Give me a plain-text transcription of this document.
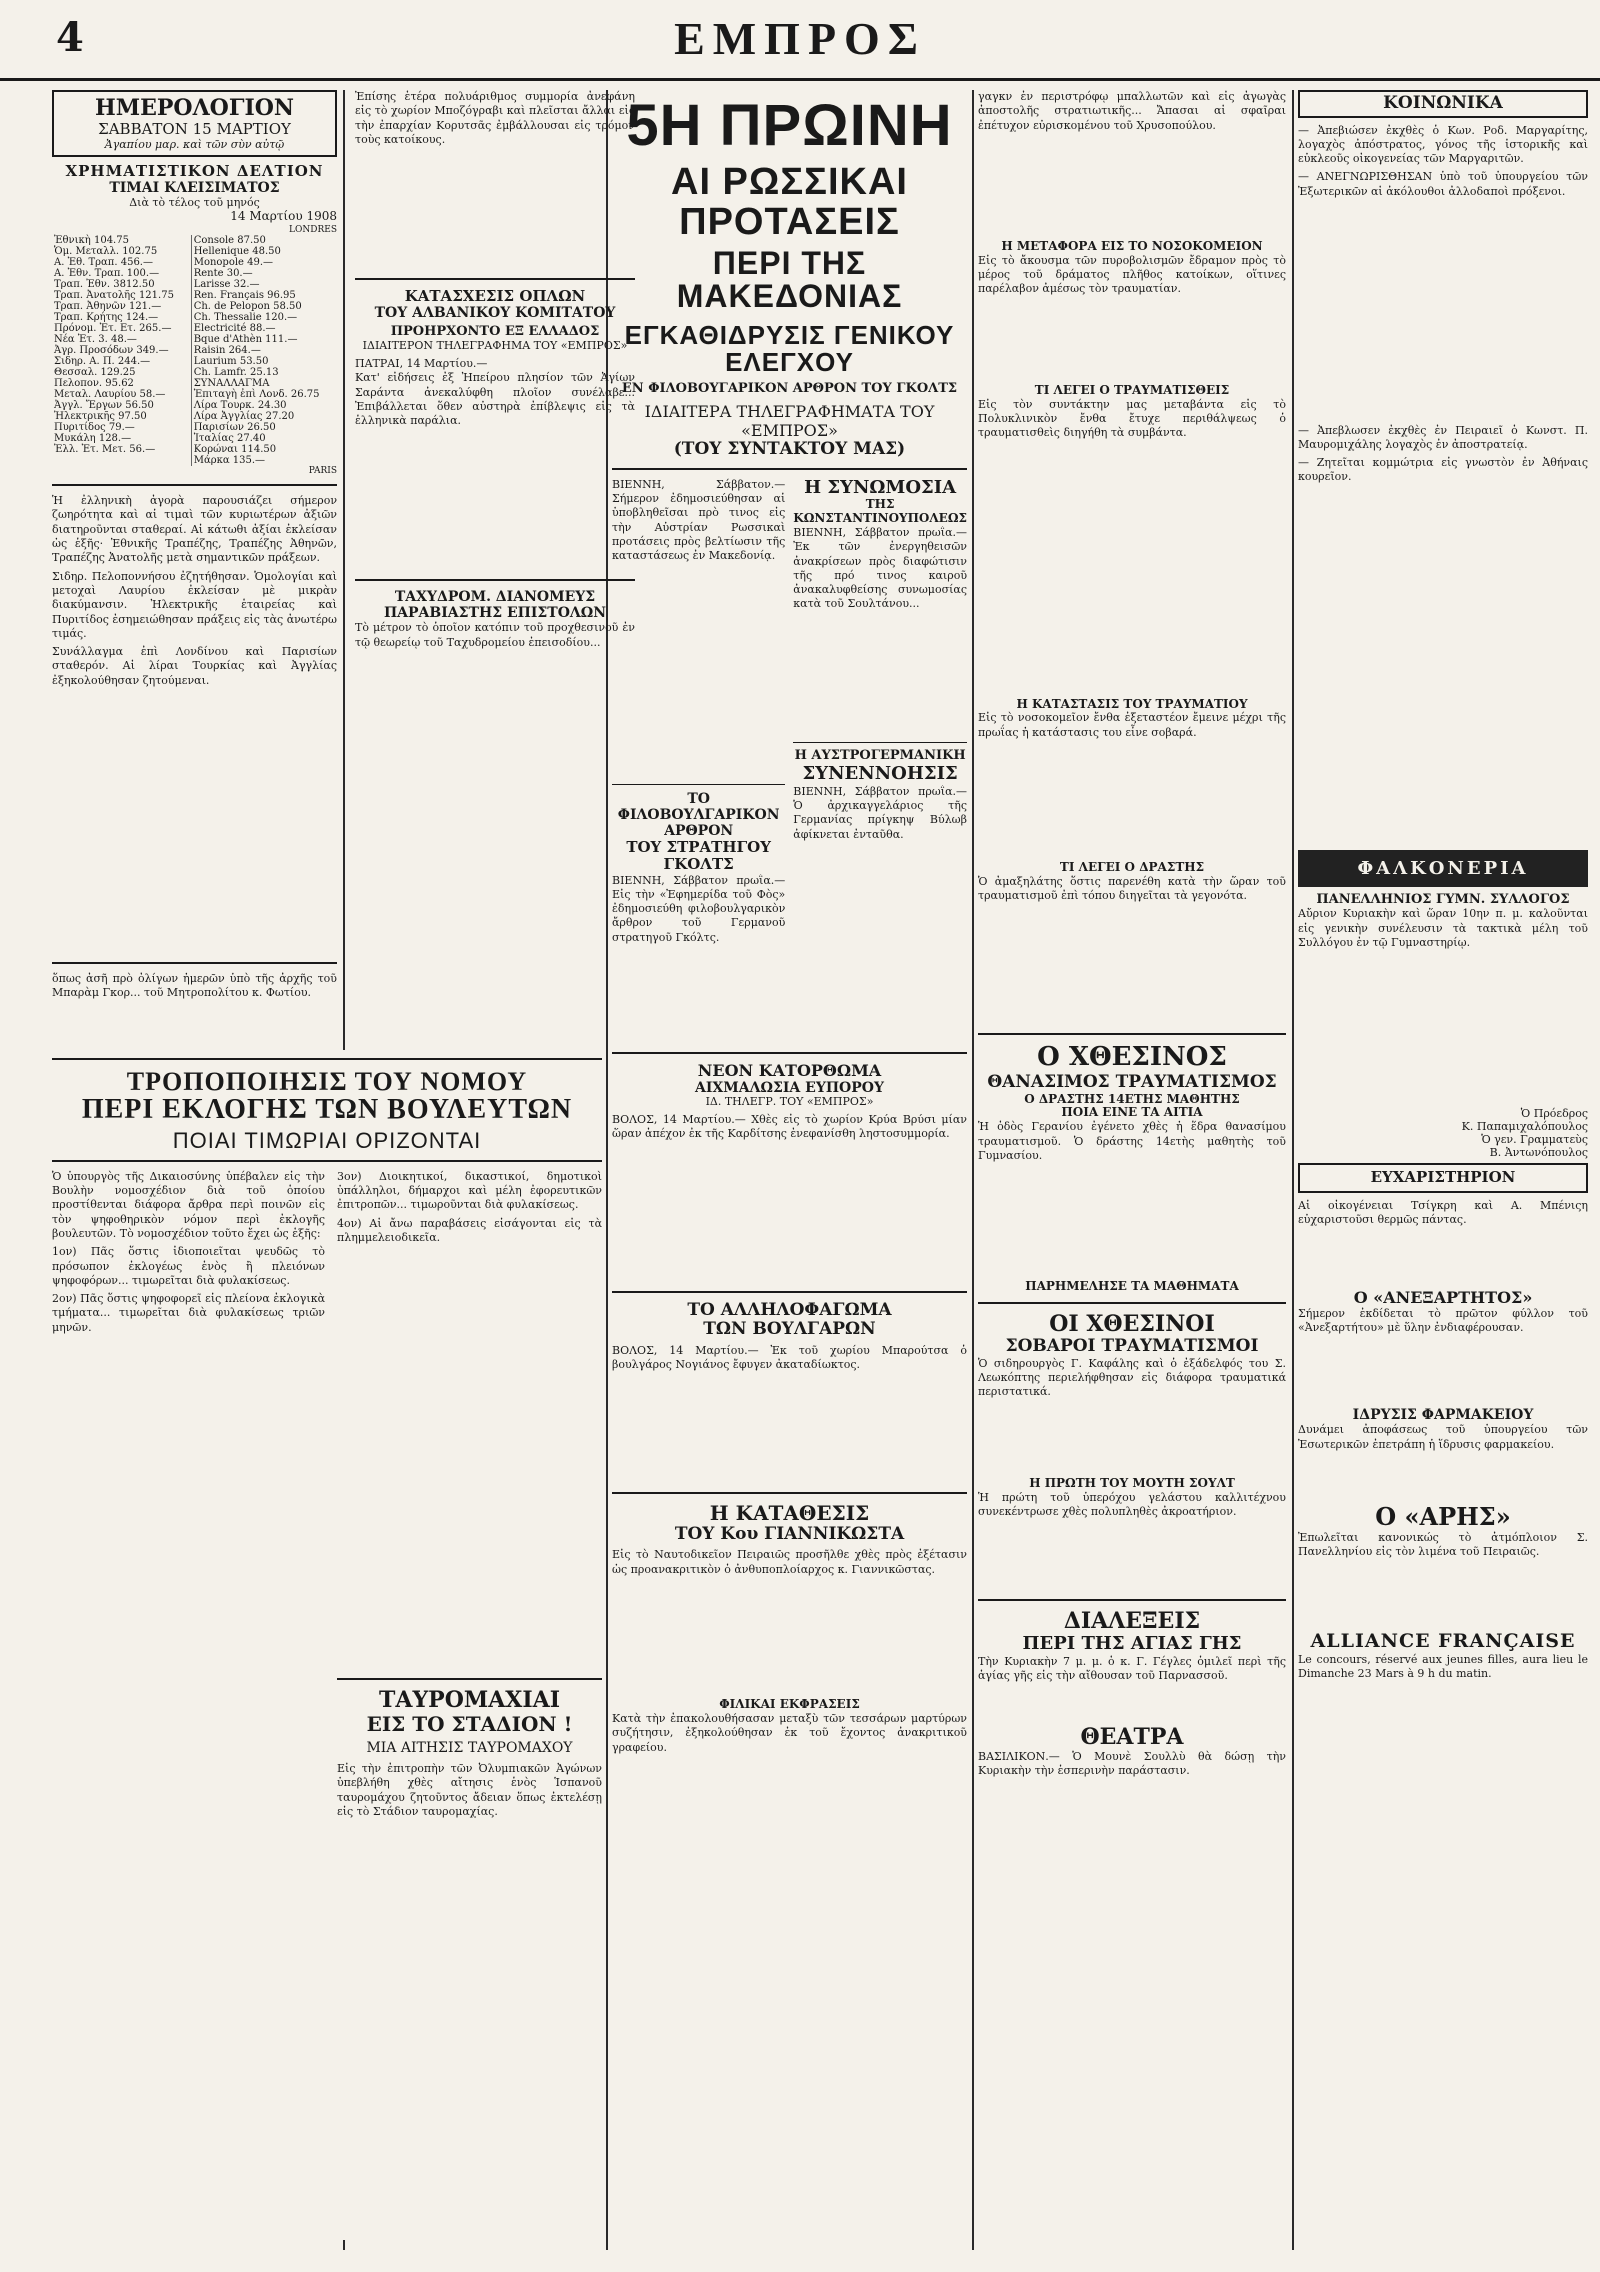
4	ΕΜΠΡΟΣ
ΗΜΕΡΟΛΟΓΙΟΝ
ΣΑΒΒΑΤΟΝ 15 ΜΑΡΤΙΟΥ
Ἀγαπίου μαρ. καὶ τῶν σὺν αὐτῷ
ΧΡΗΜΑΤΙΣΤΙΚΟΝ ΔΕΛΤΙΟΝ
ΤΙΜΑΙ ΚΛΕΙΣΙΜΑΤΟΣ
Διὰ τὸ τέλος τοῦ μηνός
14 Μαρτίου 1908
LONDRES
Ἐθνικὴ 104.75	Console 87.50
Ὁμ. Μεταλλ. 102.75	Hellenique 48.50
Α. Ἐθ. Τραπ. 456.—	Monopole 49.—
Α. Ἐθν. Τραπ. 100.—	Rente 30.—
Τραπ. Ἐθν. 3812.50	Larisse 32.—
Τραπ. Ἀνατολῆς 121.75	Ren. Français 96.95
Τραπ. Ἀθηνῶν 121.—	Ch. de Pelopon 58.50
Τραπ. Κρήτης 124.—	Ch. Thessalie 120.—
Πρόνομ. Ἐτ. Ετ. 265.—	Electricité 88.—
Νέα Ἐτ. 3. 48.—	Bque d'Athèn 111.—
Ἀγρ. Προσόδων 349.—	Raisin 264.—
Σιδηρ. Α. Π. 244.—	Laurium 53.50
Θεσσαλ. 129.25	Ch. Lamfr. 25.13
Πελοπον. 95.62	ΣΥΝΑΛΛΑΓΜΑ
Μεταλ. Λαυρίου 58.—	Ἐπιταγὴ ἐπὶ Λονδ. 26.75
Ἀγγλ. Ἔργων 56.50	Λίρα Τουρκ. 24.30
Ἠλεκτρικῆς 97.50	Λίρα Ἀγγλίας 27.20
Πυριτίδος 79.—	Παρισίων 26.50
Μυκάλη 128.—	Ἰταλίας 27.40
Ἐλλ. Ἐτ. Μετ. 56.—	Κορώναι 114.50
	Μάρκα 135.—
PARIS

Ἡ ἐλληνικὴ ἀγορὰ παρουσιάζει σήμερον ζωηρότητα καὶ αἱ τιμαὶ τῶν κυριωτέρων ἀξιῶν διατηροῦνται σταθεραί. Αἱ κάτωθι ἀξίαι ἐκλείσαν ὡς ἑξῆς· Ἐθνικῆς Τραπέζης, Τραπέζης Ἀθηνῶν, Τραπέζης Ἀνατολῆς μετὰ σημαντικῶν πράξεων.

Σιδηρ. Πελοποννήσου ἐζητήθησαν. Ὁμολογίαι καὶ μετοχαὶ Λαυρίου ἐκλείσαν μὲ μικρὰν διακύμανσιν. Ἠλεκτρικῆς ἑταιρείας καὶ Πυριτίδος ἐσημειώθησαν πράξεις εἰς τὰς ἀνωτέρω τιμάς.

Συνάλλαγμα ἐπὶ Λονδίνου καὶ Παρισίων σταθερόν. Αἱ λίραι Τουρκίας καὶ Ἀγγλίας ἐξηκολούθησαν ζητούμεναι.

ὅπως ἀσῆ πρὸ ὀλίγων ἡμερῶν ὑπὸ τῆς ἀρχῆς τοῦ Μπαρὰμ Γκορ... τοῦ Μητροπολίτου κ. Φωτίου.
Ἐπίσης ἑτέρα πολυάριθμος συμμορία ἀνεφάνη εἰς τὸ χωρίον Μποζόγραβι καὶ πλεῖσται ἄλλαι εἰς τὴν ἐπαρχίαν Κορυτσᾶς ἐμβάλλουσαι εἰς τρόμον τοὺς κατοίκους.
ΚΑΤΑΣΧΕΣΙΣ ΟΠΛΩΝ
ΤΟΥ ΑΛΒΑΝΙΚΟΥ ΚΟΜΙΤΑΤΟΥ
ΠΡΟΗΡΧΟΝΤΟ ΕΞ ΕΛΛΑΔΟΣ
ΙΔΙΑΙΤΕΡΟΝ ΤΗΛΕΓΡΑΦΗΜΑ ΤΟΥ «ΕΜΠΡΟΣ»
ΠΑΤΡΑΙ, 14 Μαρτίου.—
Κατ' εἰδήσεις ἐξ Ἠπείρου πλησίον τῶν Ἀγίων Σαράντα ἀνεκαλύφθη πλοῖον συνέλαβε... Ἐπιβάλλεται ὅθεν αὐστηρὰ ἐπίβλεψις εἰς τὰ ἑλληνικὰ παράλια.
ΤΑΧΥΔΡΟΜ. ΔΙΑΝΟΜΕΥΣ
ΠΑΡΑΒΙΑΣΤΗΣ ΕΠΙΣΤΟΛΩΝ
Τὸ μέτρον τὸ ὁποῖον κατόπιν τοῦ προχθεσινοῦ ἐν τῷ θεωρείῳ τοῦ Ταχυδρομείου ἐπεισοδίου...
ΤΡΟΠΟΠΟΙΗΣΙΣ ΤΟΥ ΝΟΜΟΥ
ΠΕΡΙ ΕΚΛΟΓΗΣ ΤΩΝ ΒΟΥΛΕΥΤΩΝ
ΠΟΙΑΙ ΤΙΜΩΡΙΑΙ ΟΡΙΖΟΝΤΑΙ

Ὁ ὑπουργὸς τῆς Δικαιοσύνης ὑπέβαλεν εἰς τὴν Βουλὴν νομοσχέδιον διὰ τοῦ ὁποίου προστίθενται διάφορα ἄρθρα περὶ ποινῶν εἰς τὸν ψηφοθηρικὸν νόμον περὶ ἐκλογῆς βουλευτῶν. Τὸ νομοσχέδιον τοῦτο ἔχει ὡς ἑξῆς:

1ον) Πᾶς ὅστις ἰδιοποιεῖται ψευδῶς τὸ πρόσωπον ἐκλογέως ἑνὸς ἢ πλειόνων ψηφοφόρων... τιμωρεῖται διὰ φυλακίσεως.

2ον) Πᾶς ὅστις ψηφοφορεῖ εἰς πλείονα ἐκλογικὰ τμήματα... τιμωρεῖται διὰ φυλακίσεως τριῶν μηνῶν.

3ον) Διοικητικοί, δικαστικοί, δημοτικοὶ ὑπάλληλοι, δήμαρχοι καὶ μέλη ἐφορευτικῶν ἐπιτροπῶν... τιμωροῦνται διὰ φυλακίσεως.

4ον) Αἱ ἄνω παραβάσεις εἰσάγονται εἰς τὰ πλημμελειοδικεῖα.

ΤΑΥΡΟΜΑΧΙΑΙ
ΕΙΣ ΤΟ ΣΤΑΔΙΟΝ !
ΜΙΑ ΑΙΤΗΣΙΣ ΤΑΥΡΟΜΑΧΟΥ

Εἰς τὴν ἐπιτροπὴν τῶν Ὀλυμπιακῶν Ἀγώνων ὑπεβλήθη χθὲς αἴτησις ἑνὸς Ἱσπανοῦ ταυρομάχου ζητοῦντος ἄδειαν ὅπως ἐκτελέσῃ εἰς τὸ Στάδιον ταυρομαχίας.

5Η ΠΡΩΙΝΗ
ΑΙ ΡΩΣΣΙΚΑΙ ΠΡΟΤΑΣΕΙΣ
ΠΕΡΙ ΤΗΣ ΜΑΚΕΔΟΝΙΑΣ
ΕΓΚΑΘΙΔΡΥΣΙΣ ΓΕΝΙΚΟΥ ΕΛΕΓΧΟΥ
ΕΝ ΦΙΛΟΒΟΥΓΑΡΙΚΟΝ ΑΡΘΡΟΝ ΤΟΥ ΓΚΟΛΤΣ
ΙΔΙΑΙΤΕΡΑ ΤΗΛΕΓΡΑΦΗΜΑΤΑ ΤΟΥ «ΕΜΠΡΟΣ»
(ΤΟΥ ΣΥΝΤΑΚΤΟΥ ΜΑΣ)
ΒΙΕΝΝΗ, Σάββατον.— Σήμερον ἐδημοσιεύθησαν αἱ ὑποβληθεῖσαι πρὸ τινος εἰς τὴν Αὐστρίαν Ρωσσικαὶ προτάσεις πρὸς βελτίωσιν τῆς καταστάσεως ἐν Μακεδονίᾳ.
ΤΟ ΦΙΛΟΒΟΥΛΓΑΡΙΚΟΝ ΑΡΘΡΟΝ
ΤΟΥ ΣΤΡΑΤΗΓΟΥ ΓΚΟΛΤΣ

ΒΙΕΝΝΗ, Σάββατον πρωΐα.— Εἰς τὴν «Ἐφημερίδα τοῦ Φὸς» ἐδημοσιεύθη φιλοβουλγαρικὸν ἄρθρον τοῦ Γερμανοῦ στρατηγοῦ Γκόλτς.

Η ΣΥΝΩΜΟΣΙΑ
ΤΗΣ ΚΩΝΣΤΑΝΤΙΝΟΥΠΟΛΕΩΣ
ΒΙΕΝΝΗ, Σάββατον πρωΐα.— Ἐκ τῶν ἐνεργηθεισῶν ἀνακρίσεων πρὸς διαφώτισιν τῆς πρό τινος καιροῦ ἀνακαλυφθείσης συνωμοσίας κατὰ τοῦ Σουλτάνου...
Η ΑΥΣΤΡΟΓΕΡΜΑΝΙΚΗ
ΣΥΝΕΝΝΟΗΣΙΣ

ΒΙΕΝΝΗ, Σάββατον πρωΐα.— Ὁ ἀρχικαγγελάριος τῆς Γερμανίας πρίγκηψ Βύλωβ ἀφίκνεται ἐνταῦθα.

ΝΕΟΝ ΚΑΤΟΡΘΩΜΑ
ΑΙΧΜΑΛΩΣΙΑ ΕΥΠΟΡΟΥ
ΙΔ. ΤΗΛΕΓΡ. ΤΟΥ «ΕΜΠΡΟΣ»

ΒΟΛΟΣ, 14 Μαρτίου.— Χθὲς εἰς τὸ χωρίον Κρύα Βρύσι μίαν ὥραν ἀπέχον ἐκ τῆς Καρδίτσης ἐνεφανίσθη ληστοσυμμορία.

ΤΟ ΑΛΛΗΛΟΦΑΓΩΜΑ
ΤΩΝ ΒΟΥΛΓΑΡΩΝ

ΒΟΛΟΣ, 14 Μαρτίου.— Ἐκ τοῦ χωρίου Μπαρούτσα ὁ βουλγάρος Νογιάνος ἔφυγεν ἀκαταδίωκτος.

Η ΚΑΤΑΘΕΣΙΣ
ΤΟΥ Κου ΓΙΑΝΝΙΚΩΣΤΑ

Εἰς τὸ Ναυτοδικεῖον Πειραιῶς προσῆλθε χθὲς πρὸς ἐξέτασιν ὡς προανακριτικὸν ὁ ἀνθυποπλοίαρχος κ. Γιαννικῶστας.

ΦΙΛΙΚΑΙ ΕΚΦΡΑΣΕΙΣ

Κατὰ τὴν ἐπακολουθήσασαν μεταξὺ τῶν τεσσάρων μαρτύρων συζήτησιν, ἐξηκολούθησαν ἐκ τοῦ ἔχοντος ἀνακριτικοῦ γραφείου.

γαγκν ἐν περιστρόφῳ μπαλλωτῶν καὶ εἰς ἀγωγὰς ἀποστολῆς στρατιωτικῆς... Ἄπασαι αἱ σφαῖραι ἐπέτυχον εὐρισκομένου τοῦ Χρυσοπούλου.

Η ΜΕΤΑΦΟΡΑ ΕΙΣ ΤΟ ΝΟΣΟΚΟΜΕΙΟΝ

Εἰς τὸ ἄκουσμα τῶν πυροβολισμῶν ἔδραμον πρὸς τὸ μέρος τοῦ δράματος πλῆθος κατοίκων, οἵτινες παρέλαβον ἀμέσως τὸν τραυματίαν.

ΤΙ ΛΕΓΕΙ Ο ΤΡΑΥΜΑΤΙΣΘΕΙΣ

Εἰς τὸν συντάκτην μας μεταβάντα εἰς τὸ Πολυκλινικὸν ἔνθα ἔτυχε περιθάλψεως ὁ τραυματισθεὶς διηγήθη τὰ συμβάντα.

Η ΚΑΤΑΣΤΑΣΙΣ ΤΟΥ ΤΡΑΥΜΑΤΙΟΥ

Εἰς τὸ νοσοκομεῖον ἔνθα ἐξεταστέον ἔμεινε μέχρι τῆς πρωΐας ἡ κατάστασις του εἶνε σοβαρά.

ΤΙ ΛΕΓΕΙ Ο ΔΡΑΣΤΗΣ

Ὁ ἀμαξηλάτης ὅστις παρενέθη κατὰ τὴν ὥραν τοῦ τραυματισμοῦ ἐπὶ τόπου διηγεῖται τὰ γεγονότα.

Ο ΧΘΕΣΙΝΟΣ
ΘΑΝΑΣΙΜΟΣ ΤΡΑΥΜΑΤΙΣΜΟΣ
Ο ΔΡΑΣΤΗΣ 14ΕΤΗΣ ΜΑΘΗΤΗΣ
ΠΟΙΑ ΕΙΝΕ ΤΑ ΑΙΤΙΑ

Ἡ ὁδὸς Γερανίου ἐγένετο χθὲς ἡ ἕδρα θανασίμου τραυματισμοῦ. Ὁ δράστης 14ετὴς μαθητὴς τοῦ Γυμνασίου.

ΠΑΡΗΜΕΛΗΣΕ ΤΑ ΜΑΘΗΜΑΤΑ
ΟΙ ΧΘΕΣΙΝΟΙ
ΣΟΒΑΡΟΙ ΤΡΑΥΜΑΤΙΣΜΟΙ

Ὁ σιδηρουργὸς Γ. Καφάλης καὶ ὁ ἐξάδελφός του Σ. Λεωκόπτης περιελήφθησαν εἰς διάφορα τραυματικά περιστατικά.

Η ΠΡΩΤΗ ΤΟΥ ΜΟΥΤΗ ΣΟΥΛΤ

Ἡ πρώτη τοῦ ὑπερόχου γελάστου καλλιτέχνου συνεκέντρωσε χθὲς πολυπληθὲς ἀκροατήριον.

ΔΙΑΛΕΞΕΙΣ
ΠΕΡΙ ΤΗΣ ΑΓΙΑΣ ΓΗΣ

Τὴν Κυριακὴν 7 μ. μ. ὁ κ. Γ. Γέγλες ὁμιλεῖ περὶ τῆς ἁγίας γῆς εἰς τὴν αἴθουσαν τοῦ Παρνασσοῦ.

ΘΕΑΤΡΑ

ΒΑΣΙΛΙΚΟΝ.— Ὁ Μουνὲ Σουλλὺ θὰ δώσῃ τὴν Κυριακὴν τὴν ἑσπερινὴν παράστασιν.

ΚΟΙΝΩΝΙΚΑ

— Ἀπεβιώσεν ἐκχθὲς ὁ Κων. Ροδ. Μαργαρίτης, λογαχὸς ἀπόστρατος, γόνος τῆς ἱστορικῆς καὶ εὐκλεοῦς οἰκογενείας τῶν Μαργαριτῶν.

— ΑΝΕΓΝΩΡΙΣΘΗΣΑΝ ὑπὸ τοῦ ὑπουργείου τῶν Ἐξωτερικῶν αἱ ἀκόλουθοι ἀλλοδαποὶ πρόξενοι.

— Ἀπεβλωσεν ἐκχθὲς ἐν Πειραιεῖ ὁ Κωνστ. Π. Μαυρομιχάλης λογαχὸς ἐν ἀποστρατείᾳ.

— Ζητεῖται κομμώτρια εἰς γνωστὸν ἐν Ἀθήναις κουρεῖον.

ΦΑΛΚΟΝΕΡΙΑ
ΠΑΝΕΛΛΗΝΙΟΣ ΓΥΜΝ. ΣΥΛΛΟΓΟΣ

Αὔριον Κυριακὴν καὶ ὥραν 10ην π. μ. καλοῦνται εἰς γενικὴν συνέλευσιν τὰ τακτικὰ μέλη τοῦ Συλλόγου ἐν τῷ Γυμναστηρίῳ.

Ὁ Πρόεδρος
Κ. Παπαμιχαλόπουλος
Ὁ γεν. Γραμματεὺς
Β. Ἀντωνόπουλος
ΕΥΧΑΡΙΣΤΗΡΙΟΝ

Αἱ οἰκογένειαι Τσίγκρη καὶ Α. Μπένιςη εὐχαριστοῦσι θερμῶς πάντας.

Ο «ΑΝΕΞΑΡΤΗΤΟΣ»

Σήμερον ἐκδίδεται τὸ πρῶτον φύλλον τοῦ «Ἀνεξαρτήτου» μὲ ὕλην ἐνδιαφέρουσαν.

ΙΔΡΥΣΙΣ ΦΑΡΜΑΚΕΙΟΥ

Δυνάμει ἀποφάσεως τοῦ ὑπουργείου τῶν Ἐσωτερικῶν ἐπετράπη ἡ ἵδρυσις φαρμακείου.

Ο «ΑΡΗΣ»

Ἐπωλεῖται κανονικώς τὸ ἀτμόπλοιον Σ. Πανελληνίου εἰς τὸν λιμένα τοῦ Πειραιῶς.

ALLIANCE FRANÇAISE

Le concours, réservé aux jeunes filles, aura lieu le Dimanche 23 Mars à 9 h du matin.
